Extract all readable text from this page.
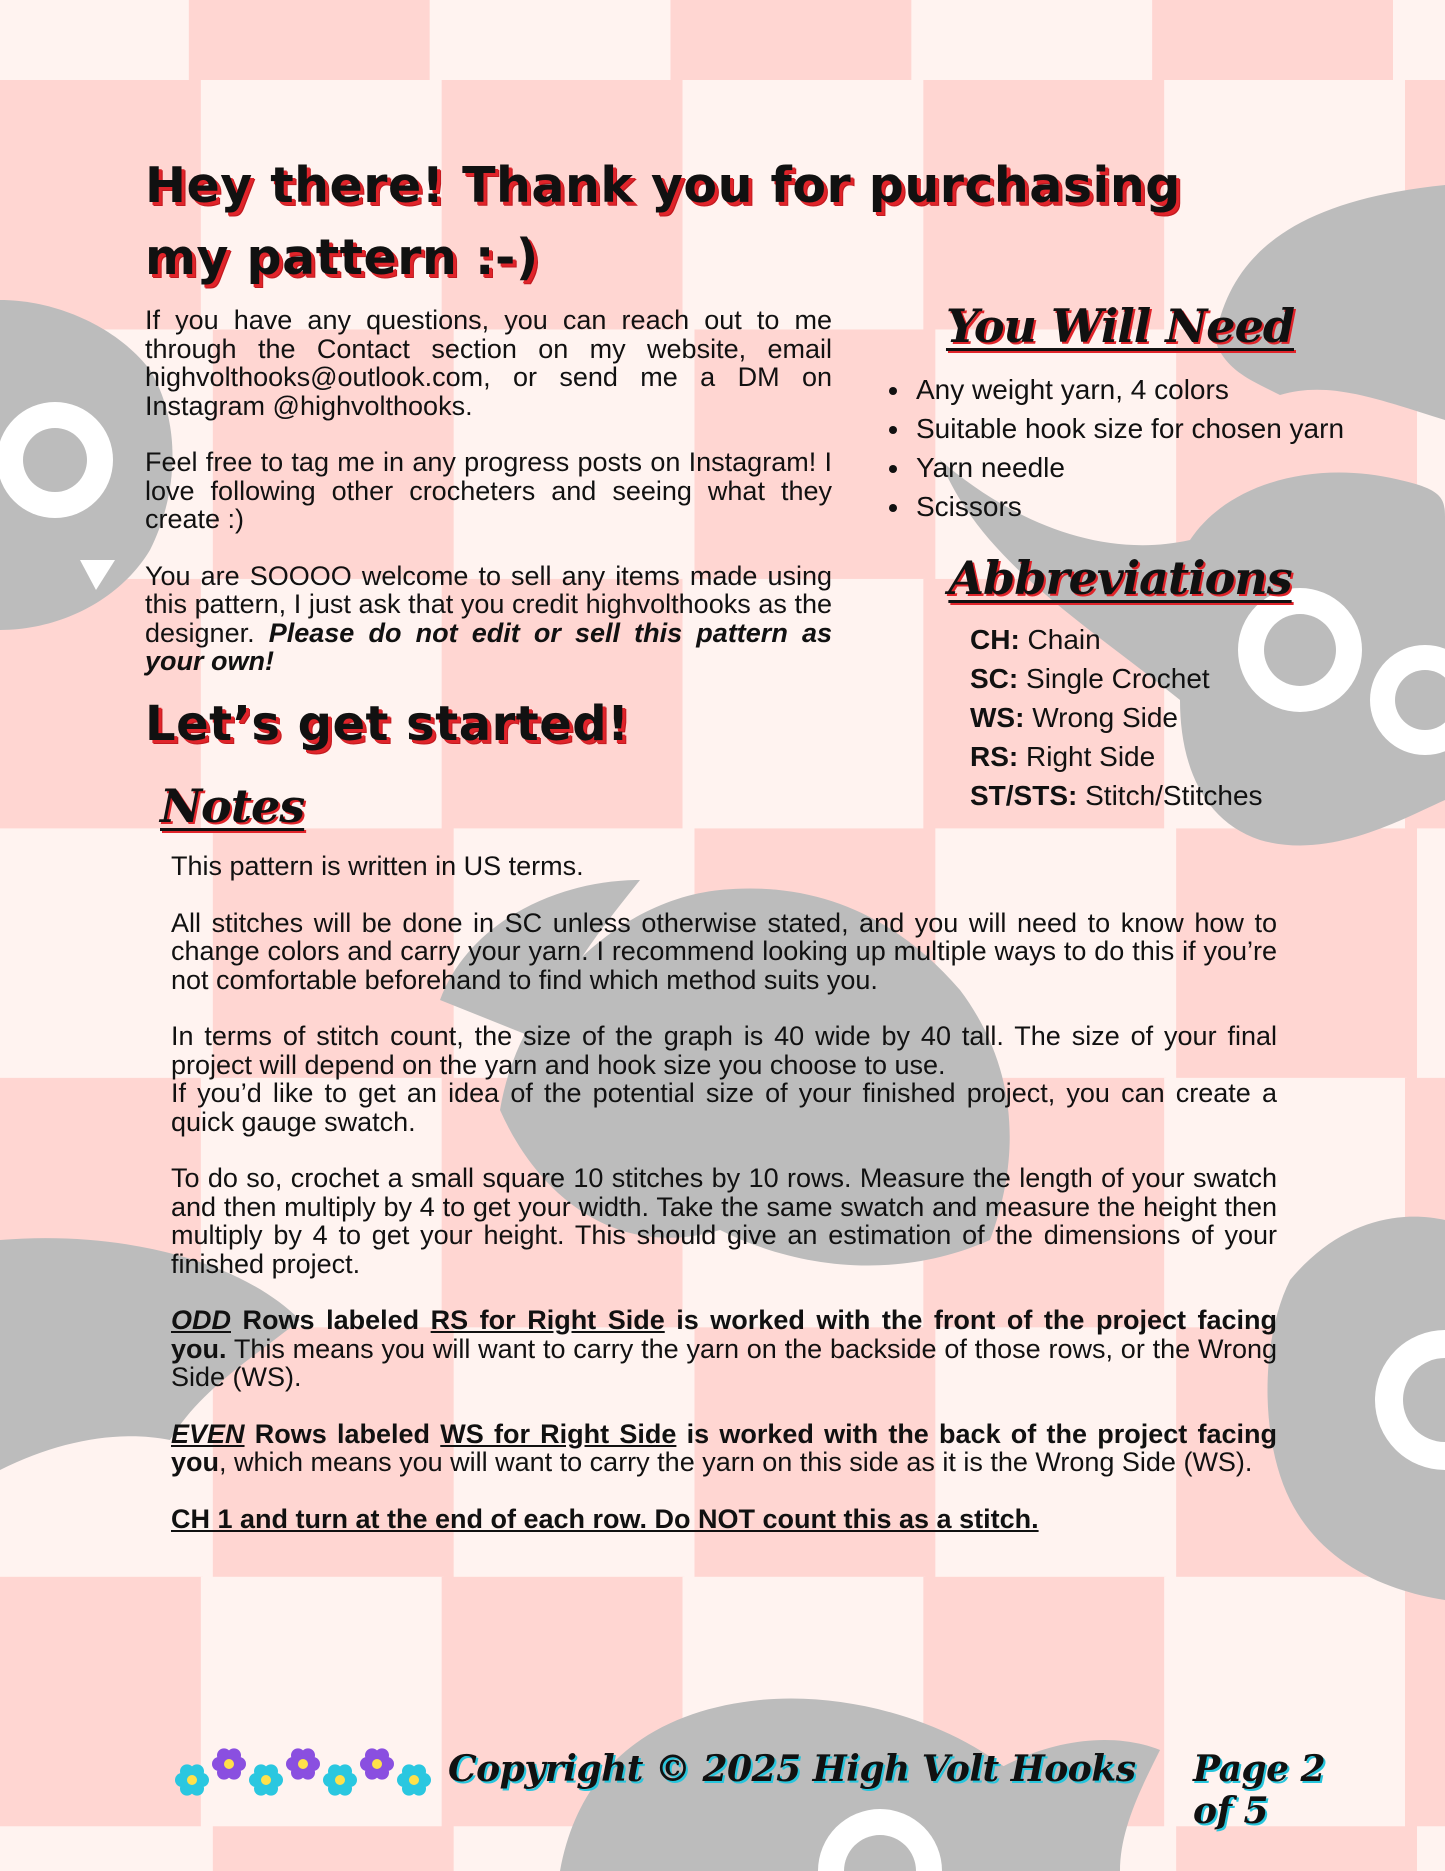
Hey there! Thank you for purchasing
my pattern :-)

If you have any questions, you can reach out to me through the Contact section on my website, email highvolthooks@outlook.com, or send me a DM on Instagram @highvolthooks.

Feel free to tag me in any progress posts on Instagram! I love following other crocheters and seeing what they create :)

You are SOOOO welcome to sell any items made using this pattern, I just ask that you credit highvolthooks as the designer. Please do not edit or sell this pattern as your own!

You Will Need
• Any weight yarn, 4 colors
• Suitable hook size for chosen yarn
• Yarn needle
• Scissors
Abbreviations
CH: Chain
SC: Single Crochet
WS: Wrong Side
RS: Right Side
ST/STS: Stitch/Stitches
Let’s get started!
Notes

This pattern is written in US terms.

All stitches will be done in SC unless otherwise stated, and you will need to know how to change colors and carry your yarn. I recommend looking up multiple ways to do this if you’re not comfortable beforehand to find which method suits you.

In terms of stitch count, the size of the graph is 40 wide by 40 tall. The size of your final project will depend on the yarn and hook size you choose to use.

If you’d like to get an idea of the potential size of your finished project, you can create a quick gauge swatch.

To do so, crochet a small square 10 stitches by 10 rows. Measure the length of your swatch and then multiply by 4 to get your width. Take the same swatch and measure the height then multiply by 4 to get your height. This should give an estimation of the dimensions of your finished project.

ODD Rows labeled RS for Right Side is worked with the front of the project facing you. This means you will want to carry the yarn on the backside of those rows, or the Wrong Side (WS).

EVEN Rows labeled WS for Right Side is worked with the back of the project facing you, which means you will want to carry the yarn on this side as it is the Wrong Side (WS).

CH 1 and turn at the end of each row. Do NOT count this as a stitch.

Copyright © 2025 High Volt Hooks Page 2 of 5
